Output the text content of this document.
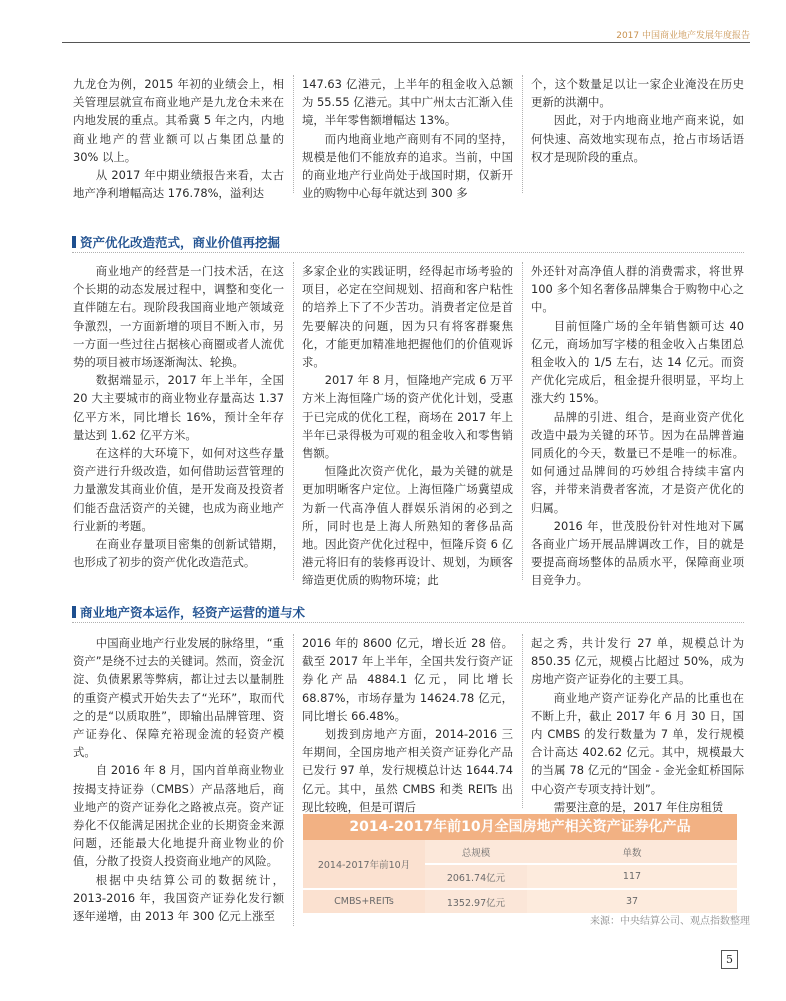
2017 中国商业地产发展年度报告

九龙仓为例，2015 年初的业绩会上，相关管理层就宣布商业地产是九龙仓未来在内地发展的重点。其希冀 5 年之内，内地商业地产的营业额可以占集团总量的 30% 以上。

从 2017 年中期业绩报告来看，太古地产净利增幅高达 176.78%，溢利达

147.63 亿港元，上半年的租金收入总额为 55.55 亿港元。其中广州太古汇渐入佳境，半年零售额增幅达 13%。

而内地商业地产商则有不同的坚持，规模是他们不能放弃的追求。当前，中国的商业地产行业尚处于战国时期，仅新开业的购物中心每年就达到 300 多

个，这个数量足以让一家企业淹没在历史更新的洪潮中。

因此，对于内地商业地产商来说，如何快速、高效地实现布点，抢占市场话语权才是现阶段的重点。

资产优化改造范式，商业价值再挖掘

商业地产的经营是一门技术活，在这个长期的动态发展过程中，调整和变化一直伴随左右。现阶段我国商业地产领域竞争激烈，一方面新增的项目不断入市，另一方面一些过往占据核心商圈或者人流优势的项目被市场逐渐淘汰、轮换。

数据端显示，2017 年上半年，全国 20 大主要城市的商业物业存量高达 1.37 亿平方米，同比增长 16%，预计全年存量达到 1.62 亿平方米。

在这样的大环境下，如何对这些存量资产进行升级改造，如何借助运营管理的力量激发其商业价值，是开发商及投资者们能否盘活资产的关键，也成为商业地产行业新的考题。

在商业存量项目密集的创新试错期，也形成了初步的资产优化改造范式。

多家企业的实践证明，经得起市场考验的项目，必定在空间规划、招商和客户粘性的培养上下了不少苦功。消费者定位是首先要解决的问题，因为只有将客群聚焦化，才能更加精准地把握他们的价值观诉求。

2017 年 8 月，恒隆地产完成 6 万平方米上海恒隆广场的资产优化计划，受惠于已完成的优化工程，商场在 2017 年上半年已录得极为可观的租金收入和零售销售额。

恒隆此次资产优化，最为关键的就是更加明晰客户定位。上海恒隆广场冀望成为新一代高净值人群娱乐消闲的必到之所，同时也是上海人所熟知的奢侈品高地。因此资产优化过程中，恒隆斥资 6 亿港元将旧有的装修再设计、规划，为顾客缔造更优质的购物环境；此

外还针对高净值人群的消费需求，将世界 100 多个知名奢侈品牌集合于购物中心之中。

目前恒隆广场的全年销售额可达 40 亿元，商场加写字楼的租金收入占集团总租金收入的 1/5 左右，达 14 亿元。而资产优化完成后，租金提升很明显，平均上涨大约 15%。

品牌的引进、组合，是商业资产优化改造中最为关键的环节。因为在品牌普遍同质化的今天，数量已不是唯一的标准。如何通过品牌间的巧妙组合持续丰富内容，并带来消费者客流，才是资产优化的归属。

2016 年，世茂股份针对性地对下属各商业广场开展品牌调改工作，目的就是要提高商场整体的品质水平，保障商业项目竞争力。

商业地产资本运作，轻资产运营的道与术

中国商业地产行业发展的脉络里，“重资产”是绕不过去的关键词。然而，资金沉淀、负债累累等弊病，都让过去以量制胜的重资产模式开始失去了“光环”，取而代之的是“以质取胜”，即输出品牌管理、资产证券化、保障充裕现金流的轻资产模式。

自 2016 年 8 月，国内首单商业物业按揭支持证券（CMBS）产品落地后，商业地产的资产证券化之路被点亮。资产证券化不仅能满足困扰企业的长期资金来源问题，还能最大化地提升商业物业的价值，分散了投资人投资商业地产的风险。

根据中央结算公司的数据统计，2013-2016 年，我国资产证券化发行额逐年递增，由 2013 年 300 亿元上涨至

2016 年的 8600 亿元，增长近 28 倍。截至 2017 年上半年，全国共发行资产证券化产品 4884.1 亿元，同比增长 68.87%，市场存量为 14624.78 亿元，同比增长 66.48%。

划拨到房地产方面，2014-2016 三年期间，全国房地产相关资产证券化产品已发行 97 单，发行规模总计达 1644.74 亿元。其中，虽然 CMBS 和类 REITs 出现比较晚，但是可谓后

起之秀，共计发行 27 单，规模总计为 850.35 亿元，规模占比超过 50%，成为房地产资产证券化的主要工具。

商业地产资产证券化产品的比重也在不断上升，截止 2017 年 6 月 30 日，国内 CMBS 的发行数量为 7 单，发行规模合计高达 402.62 亿元。其中，规模最大的当属 78 亿元的“国金 - 金光金虹桥国际中心资产专项支持计划”。

需要注意的是，2017 年住房租赁

2014-2017年前10月全国房地产相关资产证券化产品
2014-2017年前10月	总规模	单数
	2061.74亿元	117
CMBS+REITs	1352.97亿元	37
来源：中央结算公司、观点指数整理
5
